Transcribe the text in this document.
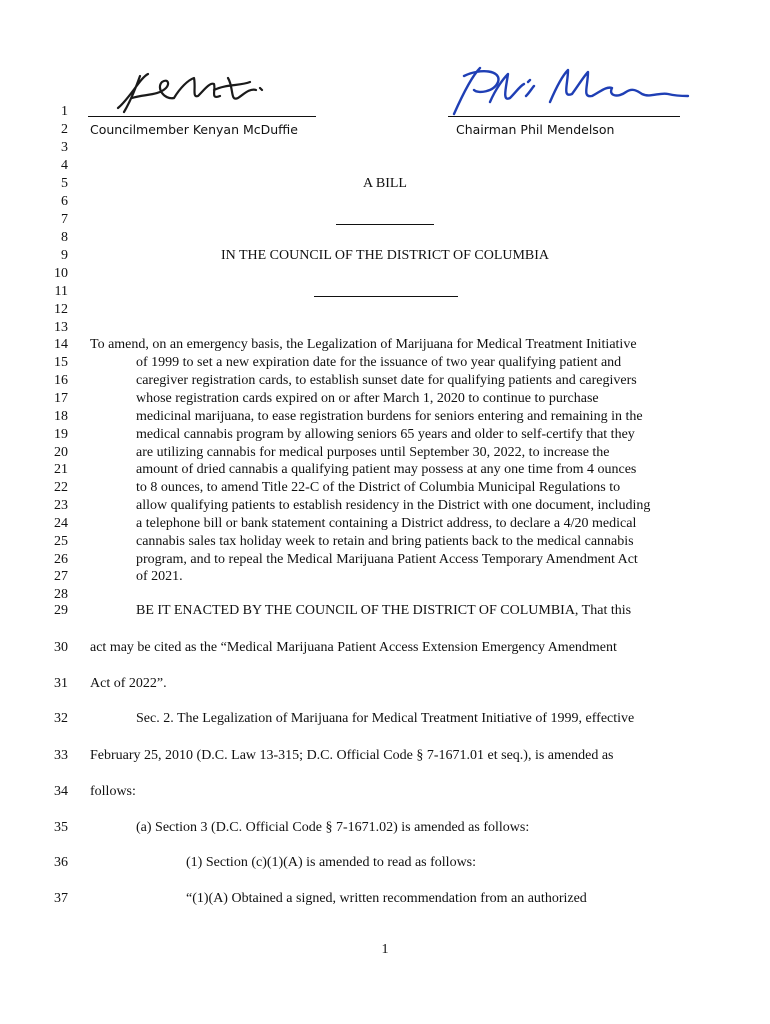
Councilmember Kenyan McDuffie	Chairman Phil Mendelson
1
2
3
4
5
6
7
8
9
10
11
12
13
14
15
16
17
18
19
20
21
22
23
24
25
26
27
28
29
30
31
32
33
34
35
36
37
A BILL
IN THE COUNCIL OF THE DISTRICT OF COLUMBIA
To amend, on an emergency basis, the Legalization of Marijuana for Medical Treatment Initiative
of 1999 to set a new expiration date for the issuance of two year qualifying patient and
caregiver registration cards, to establish sunset date for qualifying patients and caregivers
whose registration cards expired on or after March 1, 2020 to continue to purchase
medicinal marijuana, to ease registration burdens for seniors entering and remaining in the
medical cannabis program by allowing seniors 65 years and older to self-certify that they
are utilizing cannabis for medical purposes until September 30, 2022, to increase the
amount of dried cannabis a qualifying patient may possess at any one time from 4 ounces
to 8 ounces, to amend Title 22-C of the District of Columbia Municipal Regulations to
allow qualifying patients to establish residency in the District with one document, including
a telephone bill or bank statement containing a District address, to declare a 4/20 medical
cannabis sales tax holiday week to retain and bring patients back to the medical cannabis
program, and to repeal the Medical Marijuana Patient Access Temporary Amendment Act
of 2021.
BE IT ENACTED BY THE COUNCIL OF THE DISTRICT OF COLUMBIA, That this
act may be cited as the “Medical Marijuana Patient Access Extension Emergency Amendment
Act of 2022”.
Sec. 2. The Legalization of Marijuana for Medical Treatment Initiative of 1999, effective
February 25, 2010 (D.C. Law 13-315; D.C. Official Code § 7-1671.01 et seq.), is amended as
follows:
(a) Section 3 (D.C. Official Code § 7-1671.02) is amended as follows:
(1) Section (c)(1)(A) is amended to read as follows:
“(1)(A) Obtained a signed, written recommendation from an authorized
1
